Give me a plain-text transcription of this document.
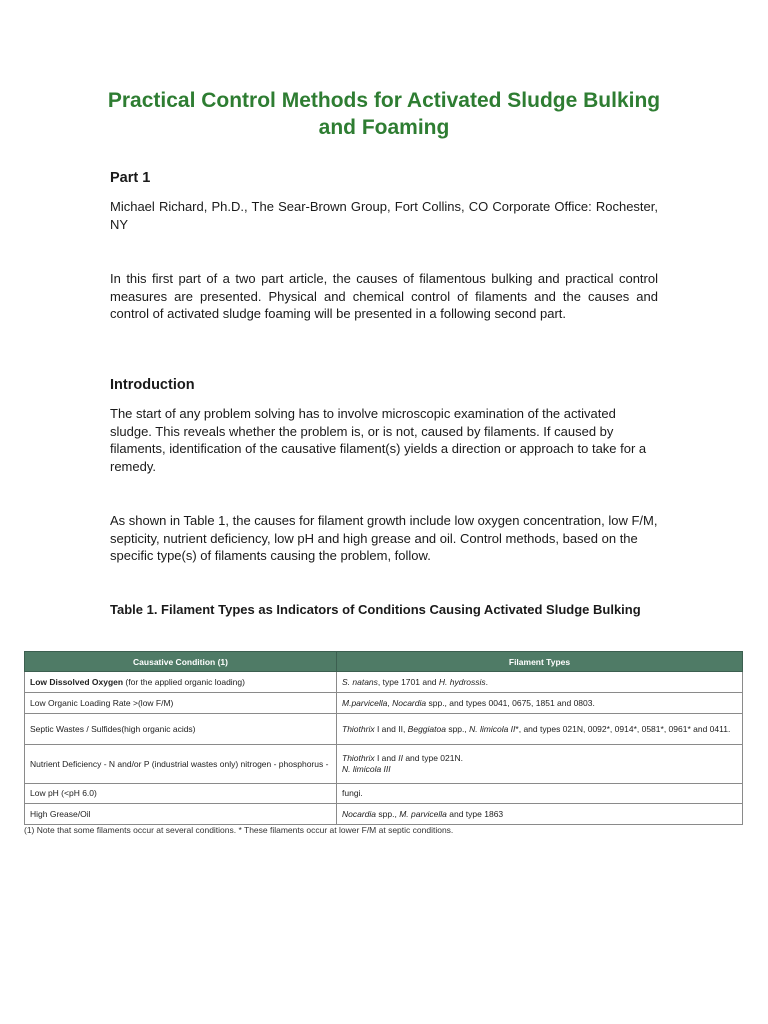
Practical Control Methods for Activated Sludge Bulking and Foaming
Part 1

Michael Richard, Ph.D., The Sear-Brown Group, Fort Collins, CO Corporate Office: Rochester, NY

In this first part of a two part article, the causes of filamentous bulking and practical control measures are presented. Physical and chemical control of filaments and the causes and control of activated sludge foaming will be presented in a following second part.

Introduction

The start of any problem solving has to involve microscopic examination of the activated sludge. This reveals whether the problem is, or is not, caused by filaments. If caused by filaments, identification of the causative filament(s) yields a direction or approach to take for a remedy.

As shown in Table 1, the causes for filament growth include low oxygen concentration, low F/M, septicity, nutrient deficiency, low pH and high grease and oil. Control methods, based on the specific type(s) of filaments causing the problem, follow.

Table 1. Filament Types as Indicators of Conditions Causing Activated Sludge Bulking

Causative Condition (1)	Filament Types
Low Dissolved Oxygen (for the applied organic loading)	S. natans, type 1701 and H. hydrossis.
Low Organic Loading Rate >(low F/M)	M.parvicella, Nocardia spp., and types 0041, 0675, 1851 and 0803.
Septic Wastes / Sulfides(high organic acids)	Thiothrix I and II, Beggiatoa spp., N. limicola II*, and types 021N, 0092*, 0914*, 0581*, 0961* and 0411.
Nutrient Deficiency - N and/or P (industrial wastes only) nitrogen - phosphorus -	Thiothrix I and II and type 021N.
N. limicola III
Low pH (<pH 6.0)	fungi.
High Grease/Oil	Nocardia spp., M. parvicella and type 1863

(1) Note that some filaments occur at several conditions. * These filaments occur at lower F/M at septic conditions.
